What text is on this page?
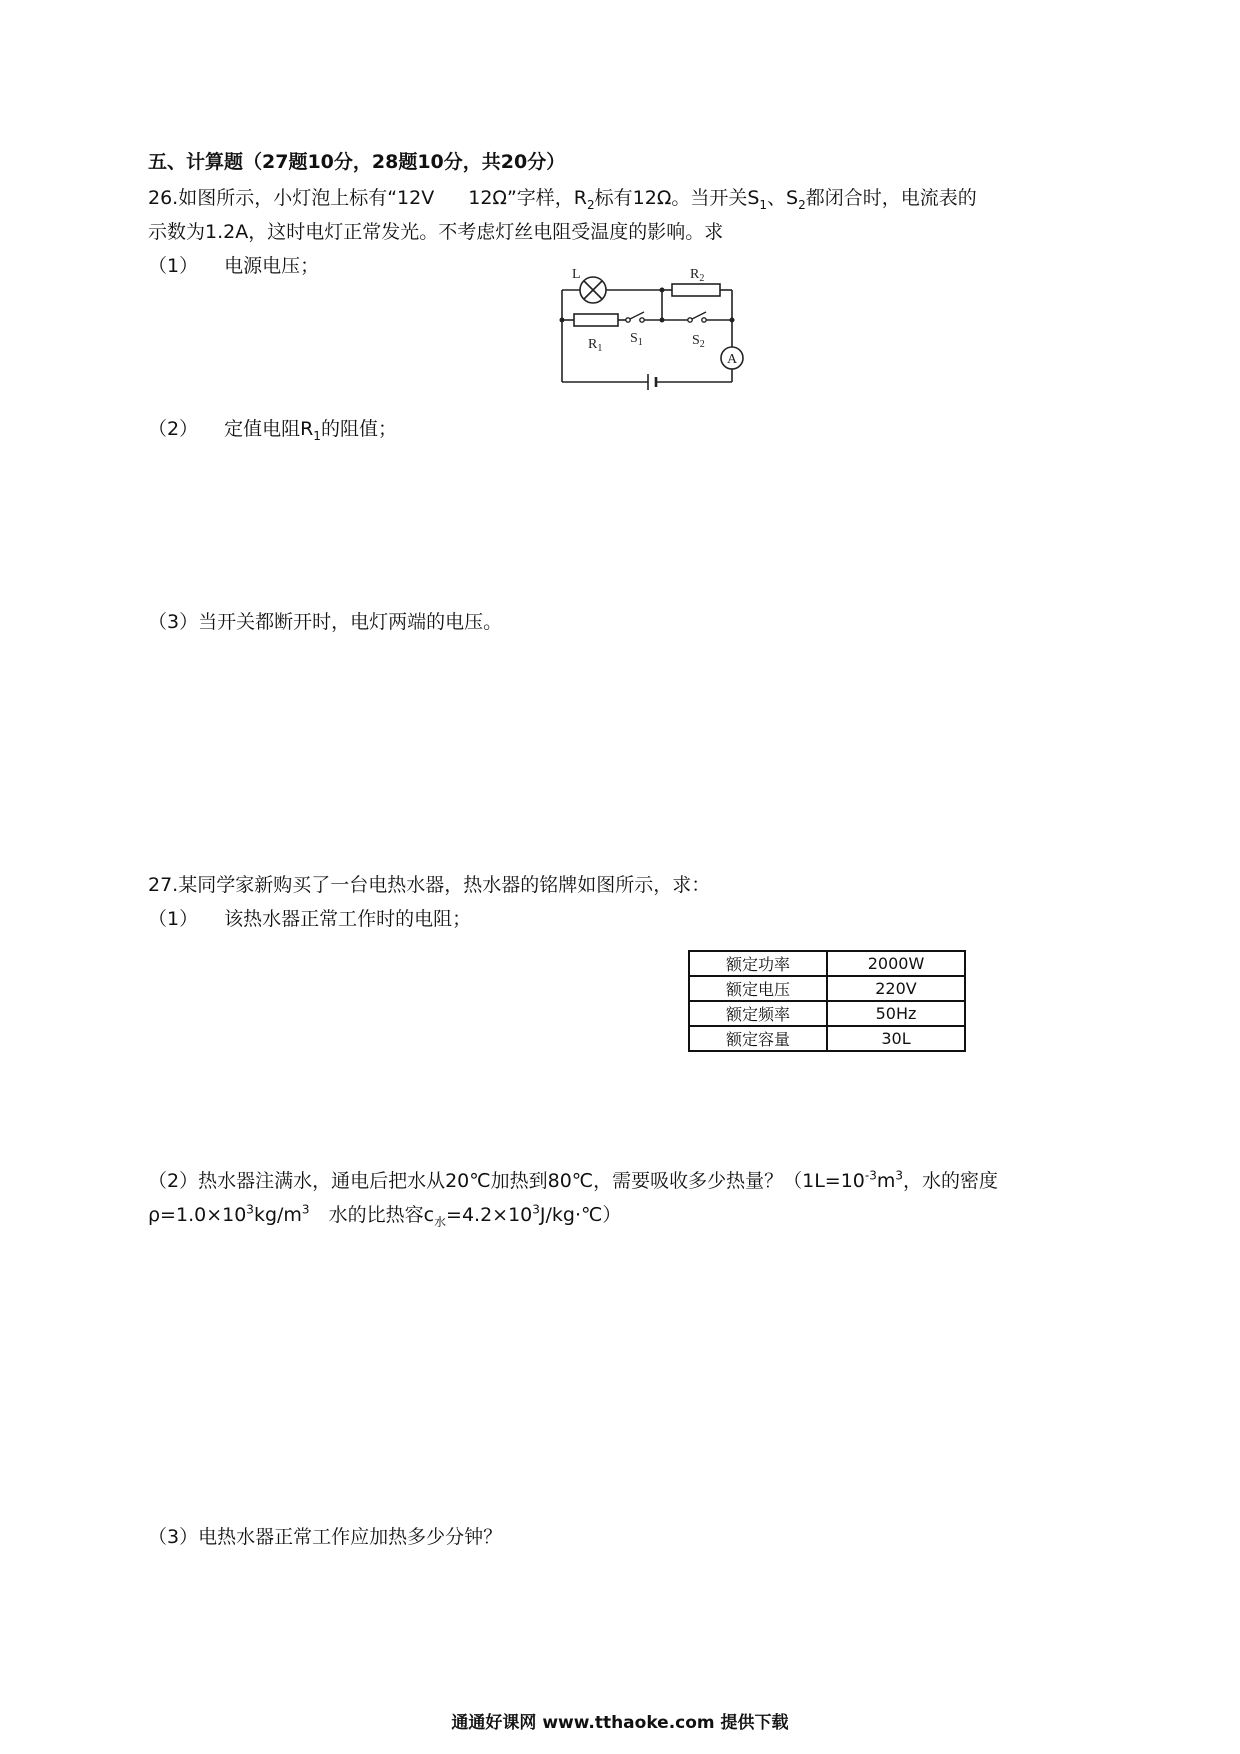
五、计算题（27题10分，28题10分，共20分）
26.如图所示，小灯泡上标有“12V 12Ω”字样，$R_2$标有12Ω。当开关$S_1$、$S_2$都闭合时，电流表的
示数为1.2A，这时电灯正常发光。不考虑灯丝电阻受温度的影响。求
（1） 电源电压；
A
L	$R_2$
$R_1$
$S_1$	$S_2$
（2） 定值电阻$R_1$的阻值；
（3）当开关都断开时，电灯两端的电压。
27.某同学家新购买了一台电热水器，热水器的铭牌如图所示，求：
（1） 该热水器正常工作时的电阻；
额定功率	2000W
额定电压	220V
额定频率	50Hz
额定容量	30L
（2）热水器注满水，通电后把水从20℃加热到80℃，需要吸收多少热量？（$1L=10^{-3}m^3$，水的密度
$\rho=1.0\times 10^3kg/m^3$　水的比热容$c_水=4.2\times 10^3J/kg\cdot℃$）
（3）电热水器正常工作应加热多少分钟？
通通好课网 www.tthaoke.com 提供下载
